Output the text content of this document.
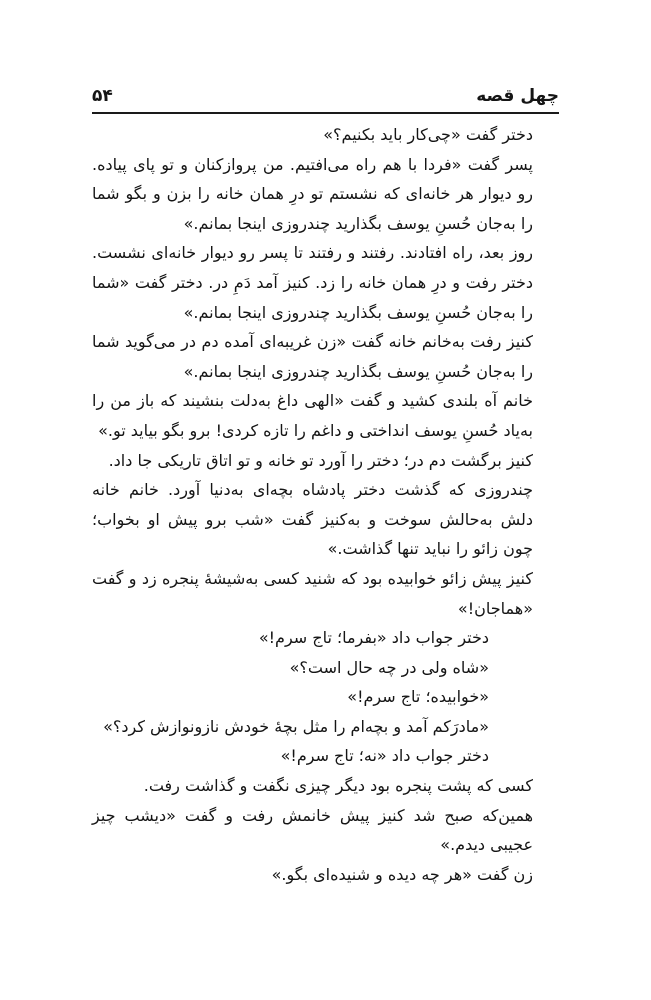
چهل قصه
۵۴

دختر گفت «چی‌کار باید بکنیم؟»

پسر گفت «فردا با هم راه می‌افتیم. من پروازکنان و تو پای پیاده. رو دیوار هر خانه‌ای که نشستم تو درِ همان خانه را بزن و بگو شما را به‌جان حُسنِ یوسف بگذارید چندروزی اینجا بمانم.»

روز بعد، راه افتادند. رفتند و رفتند تا پسر رو دیوار خانه‌ای نشست. دختر رفت و درِ همان خانه را زد. کنیز آمد دَمِ در. دختر گفت «شما را به‌جان حُسنِ یوسف بگذارید چندروزی اینجا بمانم.»

کنیز رفت به‌خانم خانه گفت «زن غریبه‌ای آمده دم در می‌گوید شما را به‌جان حُسنِ یوسف بگذارید چندروزی اینجا بمانم.»

خانم آه بلندی کشید و گفت «الهی داغ به‌دلت بنشیند که باز من را به‌یاد حُسنِ یوسف انداختی و داغم را تازه کردی! برو بگو بیاید تو.»

کنیز برگشت دم در؛ دختر را آورد تو خانه و تو اتاق تاریکی جا داد.

چندروزی که گذشت دختر پادشاه بچه‌ای به‌دنیا آورد. خانم خانه دلش به‌حالش سوخت و به‌کنیز گفت «شب برو پیش او بخواب؛ چون زائو را نباید تنها گذاشت.»

کنیز پیش زائو خوابیده بود که شنید کسی به‌شیشهٔ پنجره زد و گفت «هماجان!»

دختر جواب داد «بفرما؛ تاج سرم!»

«شاه ولی در چه حال است؟»

«خوابیده؛ تاج سرم!»

«مادرَکم آمد و بچه‌ام را مثل بچهٔ خودش نازونوازش کرد؟»

دختر جواب داد «نه؛ تاج سرم!»

کسی که پشت پنجره بود دیگر چیزی نگفت و گذاشت رفت.

همین‌که صبح شد کنیز پیش خانمش رفت و گفت «دیشب چیز عجیبی دیدم.»

زن گفت «هر چه دیده و شنیده‌ای بگو.»
